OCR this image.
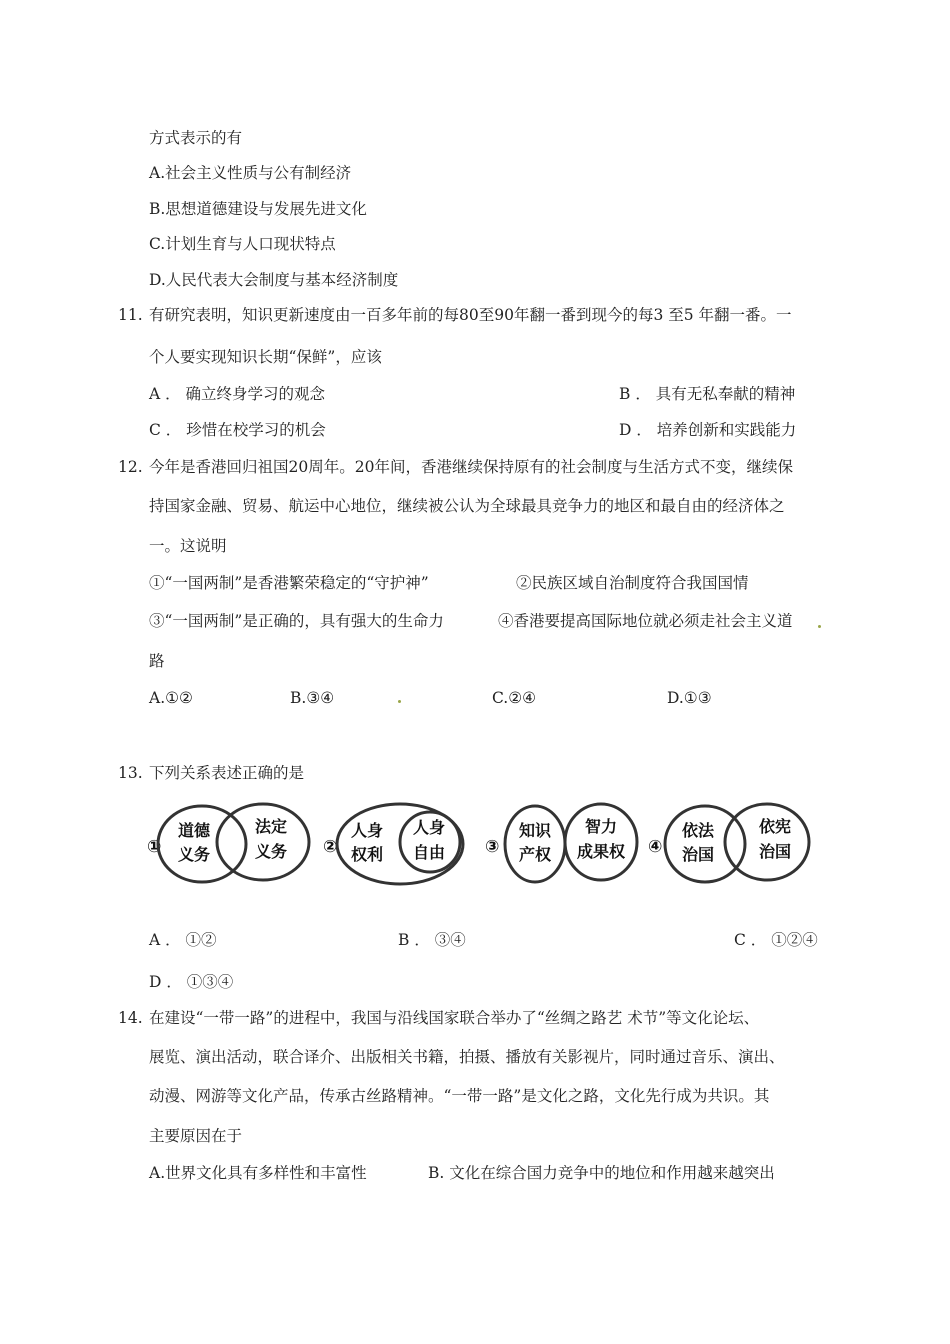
方式表示的有
A.社会主义性质与公有制经济
B.思想道德建设与发展先进文化
C.计划生育与人口现状特点
D.人民代表大会制度与基本经济制度
11. 有研究表明，知识更新速度由一百多年前的每80至90年翻一番到现今的每3 至5 年翻一番。一
个人要实现知识长期“保鲜”，应该
A ． 确立终身学习的观念	B ． 具有无私奉献的精神
C ． 珍惜在校学习的机会	D ． 培养创新和实践能力
12. 今年是香港回归祖国20周年。20年间，香港继续保持原有的社会制度与生活方式不变，继续保
持国家金融、贸易、航运中心地位，继续被公认为全球最具竞争力的地区和最自由的经济体之
一。这说明
①“一国两制”是香港繁荣稳定的“守护神”	②民族区域自治制度符合我国国情
③“一国两制”是正确的，具有强大的生命力	④香港要提高国际地位就必须走社会主义道
路
A.①②	B.③④	C.②④	D.①③
13. 下列关系表述正确的是
①
道德
义务
法定
义务 ②
人身
权利
人身
自由 ③
知识
产权
智力
成果权 ④
依法
治国
依宪
治国
A ． ①②	B ． ③④	C ． ①②④
D ． ①③④
14. 在建设“一带一路”的进程中，我国与沿线国家联合举办了“丝绸之路艺 术节”等文化论坛、
展览、演出活动，联合译介、出版相关书籍，拍摄、播放有关影视片，同时通过音乐、演出、
动漫、网游等文化产品，传承古丝路精神。“一带一路”是文化之路，文化先行成为共识。其
主要原因在于
A.世界文化具有多样性和丰富性	B. 文化在综合国力竞争中的地位和作用越来越突出
